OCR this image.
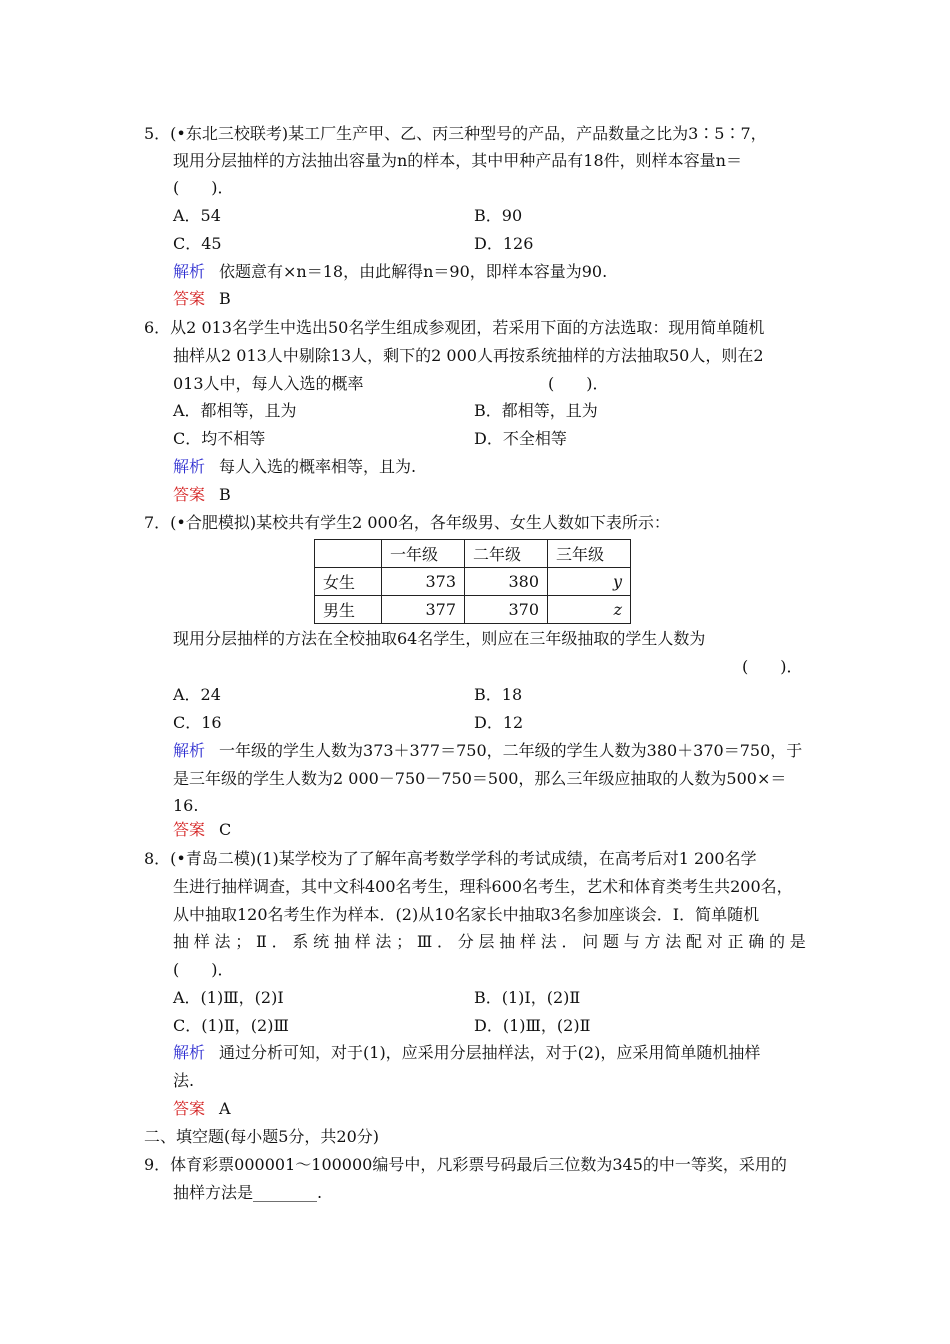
5．(•东北三校联考)某工厂生产甲、乙、丙三种型号的产品，产品数量之比为3∶5∶7，
现用分层抽样的方法抽出容量为n的样本，其中甲种产品有18件，则样本容量n＝
(　　)．
A．54	B．90
C．45	D．126
解析 依题意有×n＝18，由此解得n＝90，即样本容量为90.
答案 B
6．从2 013名学生中选出50名学生组成参观团，若采用下面的方法选取：现用简单随机
抽样从2 013人中剔除13人，剩下的2 000人再按系统抽样的方法抽取50人，则在2
013人中，每人入选的概率	(　　)．
A．都相等，且为	B．都相等，且为
C．均不相等	D．不全相等
解析 每人入选的概率相等，且为.
答案 B
7．(•合肥模拟)某校共有学生2 000名，各年级男、女生人数如下表所示：
	一年级	二年级	三年级
女生	373	380	y
男生	377	370	z
现用分层抽样的方法在全校抽取64名学生，则应在三年级抽取的学生人数为
(　　)．
A．24	B．18
C．16	D．12
解析 一年级的学生人数为373＋377＝750，二年级的学生人数为380＋370＝750，于
是三年级的学生人数为2 000－750－750＝500，那么三年级应抽取的人数为500×＝
16.
答案 C
8．(•青岛二模)(1)某学校为了了解年高考数学学科的考试成绩，在高考后对1 200名学
生进行抽样调查，其中文科400名考生，理科600名考生，艺术和体育类考生共200名，
从中抽取120名考生作为样本．(2)从10名家长中抽取3名参加座谈会．Ⅰ．简单随机
抽 样 法 ； Ⅱ ． 系 统 抽 样 法 ； Ⅲ ． 分 层 抽 样 法 ． 问 题 与 方 法 配 对 正 确 的 是
(　　)．
A．(1)Ⅲ，(2)Ⅰ	B．(1)Ⅰ，(2)Ⅱ
C．(1)Ⅱ，(2)Ⅲ	D．(1)Ⅲ，(2)Ⅱ
解析 通过分析可知，对于(1)，应采用分层抽样法，对于(2)，应采用简单随机抽样
法.
答案 A
二、填空题(每小题5分，共20分)
9．体育彩票000001～100000编号中，凡彩票号码最后三位数为345的中一等奖，采用的
抽样方法是________.
